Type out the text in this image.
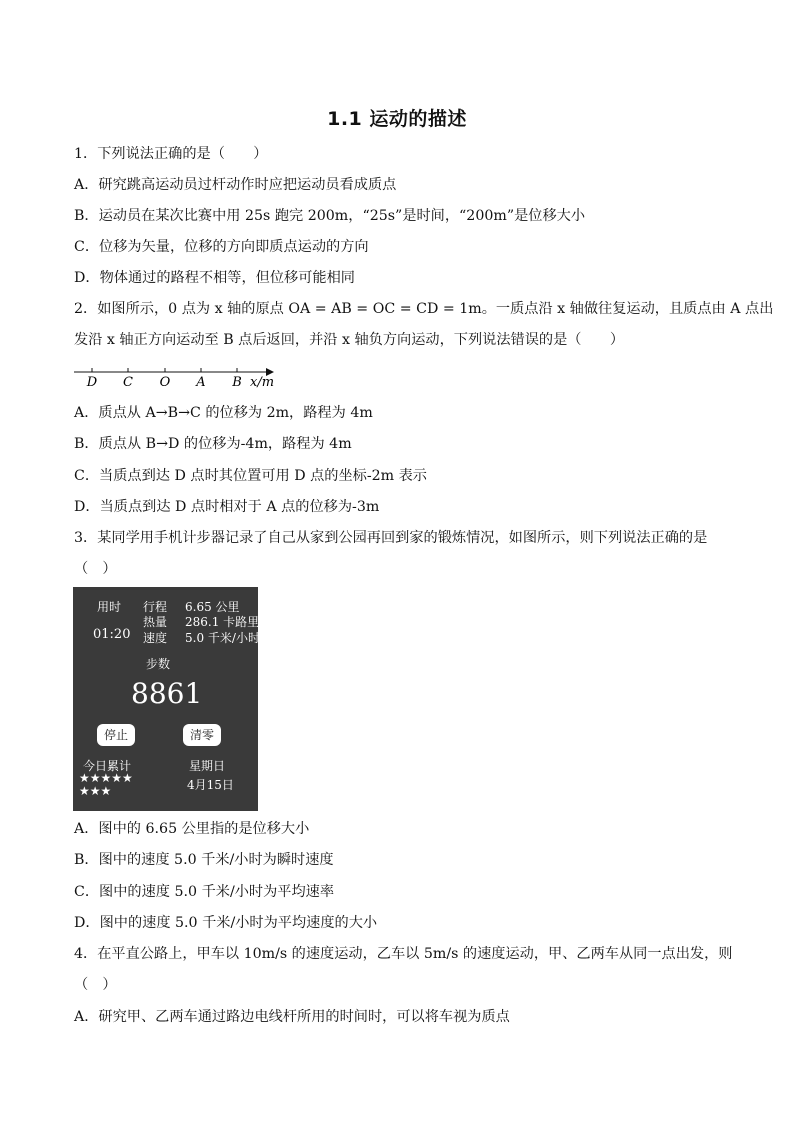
1.1 运动的描述
1．下列说法正确的是（　　）
A．研究跳高运动员过杆动作时应把运动员看成质点
B．运动员在某次比赛中用 25s 跑完 200m，“25s”是时间，“200m”是位移大小
C．位移为矢量，位移的方向即质点运动的方向
D．物体通过的路程不相等，但位移可能相同
2．如图所示，0 点为 x 轴的原点 OA = AB = OC = CD = 1m。一质点沿 x 轴做往复运动，且质点由 A 点出
发沿 x 轴正方向运动至 B 点后返回，并沿 x 轴负方向运动，下列说法错误的是（　　）
D C O A B x/m
A．质点从 A→B→C 的位移为 2m，路程为 4m
B．质点从 B→D 的位移为-4m，路程为 4m
C．当质点到达 D 点时其位置可用 D 点的坐标-2m 表示
D．当质点到达 D 点时相对于 A 点的位移为-3m
3．某同学用手机计步器记录了自己从家到公园再回到家的锻炼情况，如图所示，则下列说法正确的是
（　）
用时
01:20
行程 6.65 公里
热量 286.1 卡路里
速度 5.0 千米/小时
步数
8861
停止	清零
今日累计
★★★★★
★★★
星期日
4月15日
A．图中的 6.65 公里指的是位移大小
B．图中的速度 5.0 千米/小时为瞬时速度
C．图中的速度 5.0 千米/小时为平均速率
D．图中的速度 5.0 千米/小时为平均速度的大小
4．在平直公路上，甲车以 10m/s 的速度运动，乙车以 5m/s 的速度运动，甲、乙两车从同一点出发，则
（　）
A．研究甲、乙两车通过路边电线杆所用的时间时，可以将车视为质点
